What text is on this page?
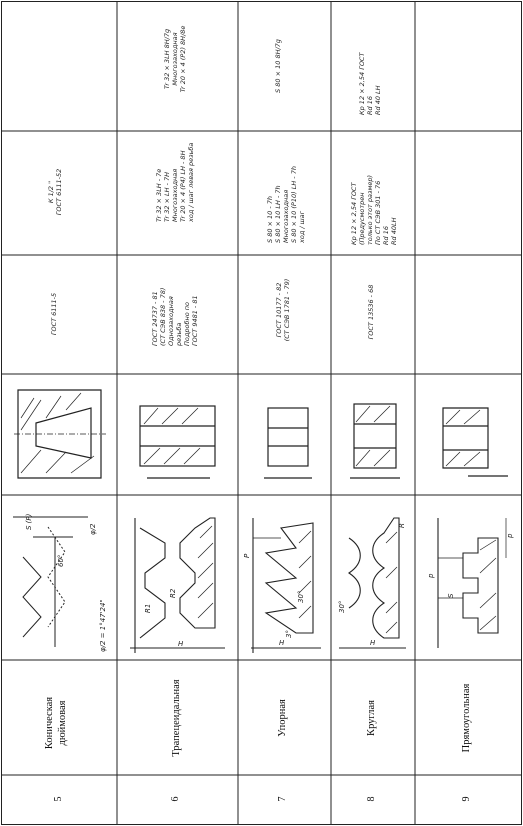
5
Коническая дюймовая
ГОСТ 6111-5
К 1/2 " ГОСТ 6111-52
S (P)
60°
φ/2 = 1°47'24"
φ/2
6
Трапецеидальная
ГОСТ 24737 - 81 (СТ СЭВ 838 - 78) Однозаходная резьба Подробно по ГОСТ 9481 - 81
Tr 32 × 3LH - 7e Tr 32 × LH - 7H Многозаходная Tr 20 × 4 (P4) LH - 8H ход / шаг левая резьба
Tr 32 × 3LH 8H/7g Многозаходная Tr 20 × 4 (P2) 8H/8e
R1
R2
H
7
Упорная
ГОСТ 10177 - 82 (СТ СЭВ 1781 - 79)
S 80 × 10 - 7h S 80 × 10 LH - 7h Многозаходная S 80 × 10 (P10) LH - 7h ход / шаг
S 80 × 10 8H/7g
P
H
3°
30°
8
Круглая
ГОСТ 13536 - 68
Кр 12 × 2,54 ГОСТ (Предусмотрен только этот размер) По СТ СЭВ 301 - 76 Rd 16 Rd 40LH
Кр 12 × 2,54 ГОСТ Rd 16 Rd 40 LH
R
30°
H
9
Прямоугольная
p
S
p
